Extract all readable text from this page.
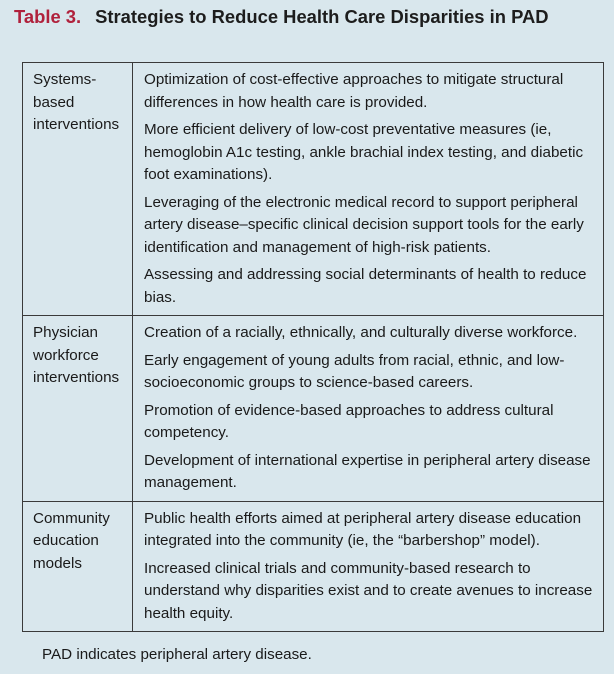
Table 3. Strategies to Reduce Health Care Disparities in PAD
Systems-
based
interventions
Optimization of cost-effective approaches to mitigate structural differences in how health care is provided.
More efficient delivery of low-cost preventative measures (ie, hemoglobin A1c testing, ankle brachial index testing, and diabetic foot examinations).
Leveraging of the electronic medical record to support peripheral artery disease–specific clinical decision support tools for the early identification and management of high-risk patients.
Assessing and addressing social determinants of health to reduce bias.
Physician
workforce
interventions
Creation of a racially, ethnically, and culturally diverse workforce.
Early engagement of young adults from racial, ethnic, and low-socioeconomic groups to science-based careers.
Promotion of evidence-based approaches to address cultural competency.
Development of international expertise in peripheral artery disease management.
Community
education
models
Public health efforts aimed at peripheral artery disease education integrated into the community (ie, the “barbershop” model).
Increased clinical trials and community-based research to understand why disparities exist and to create avenues to increase health equity.
PAD indicates peripheral artery disease.
